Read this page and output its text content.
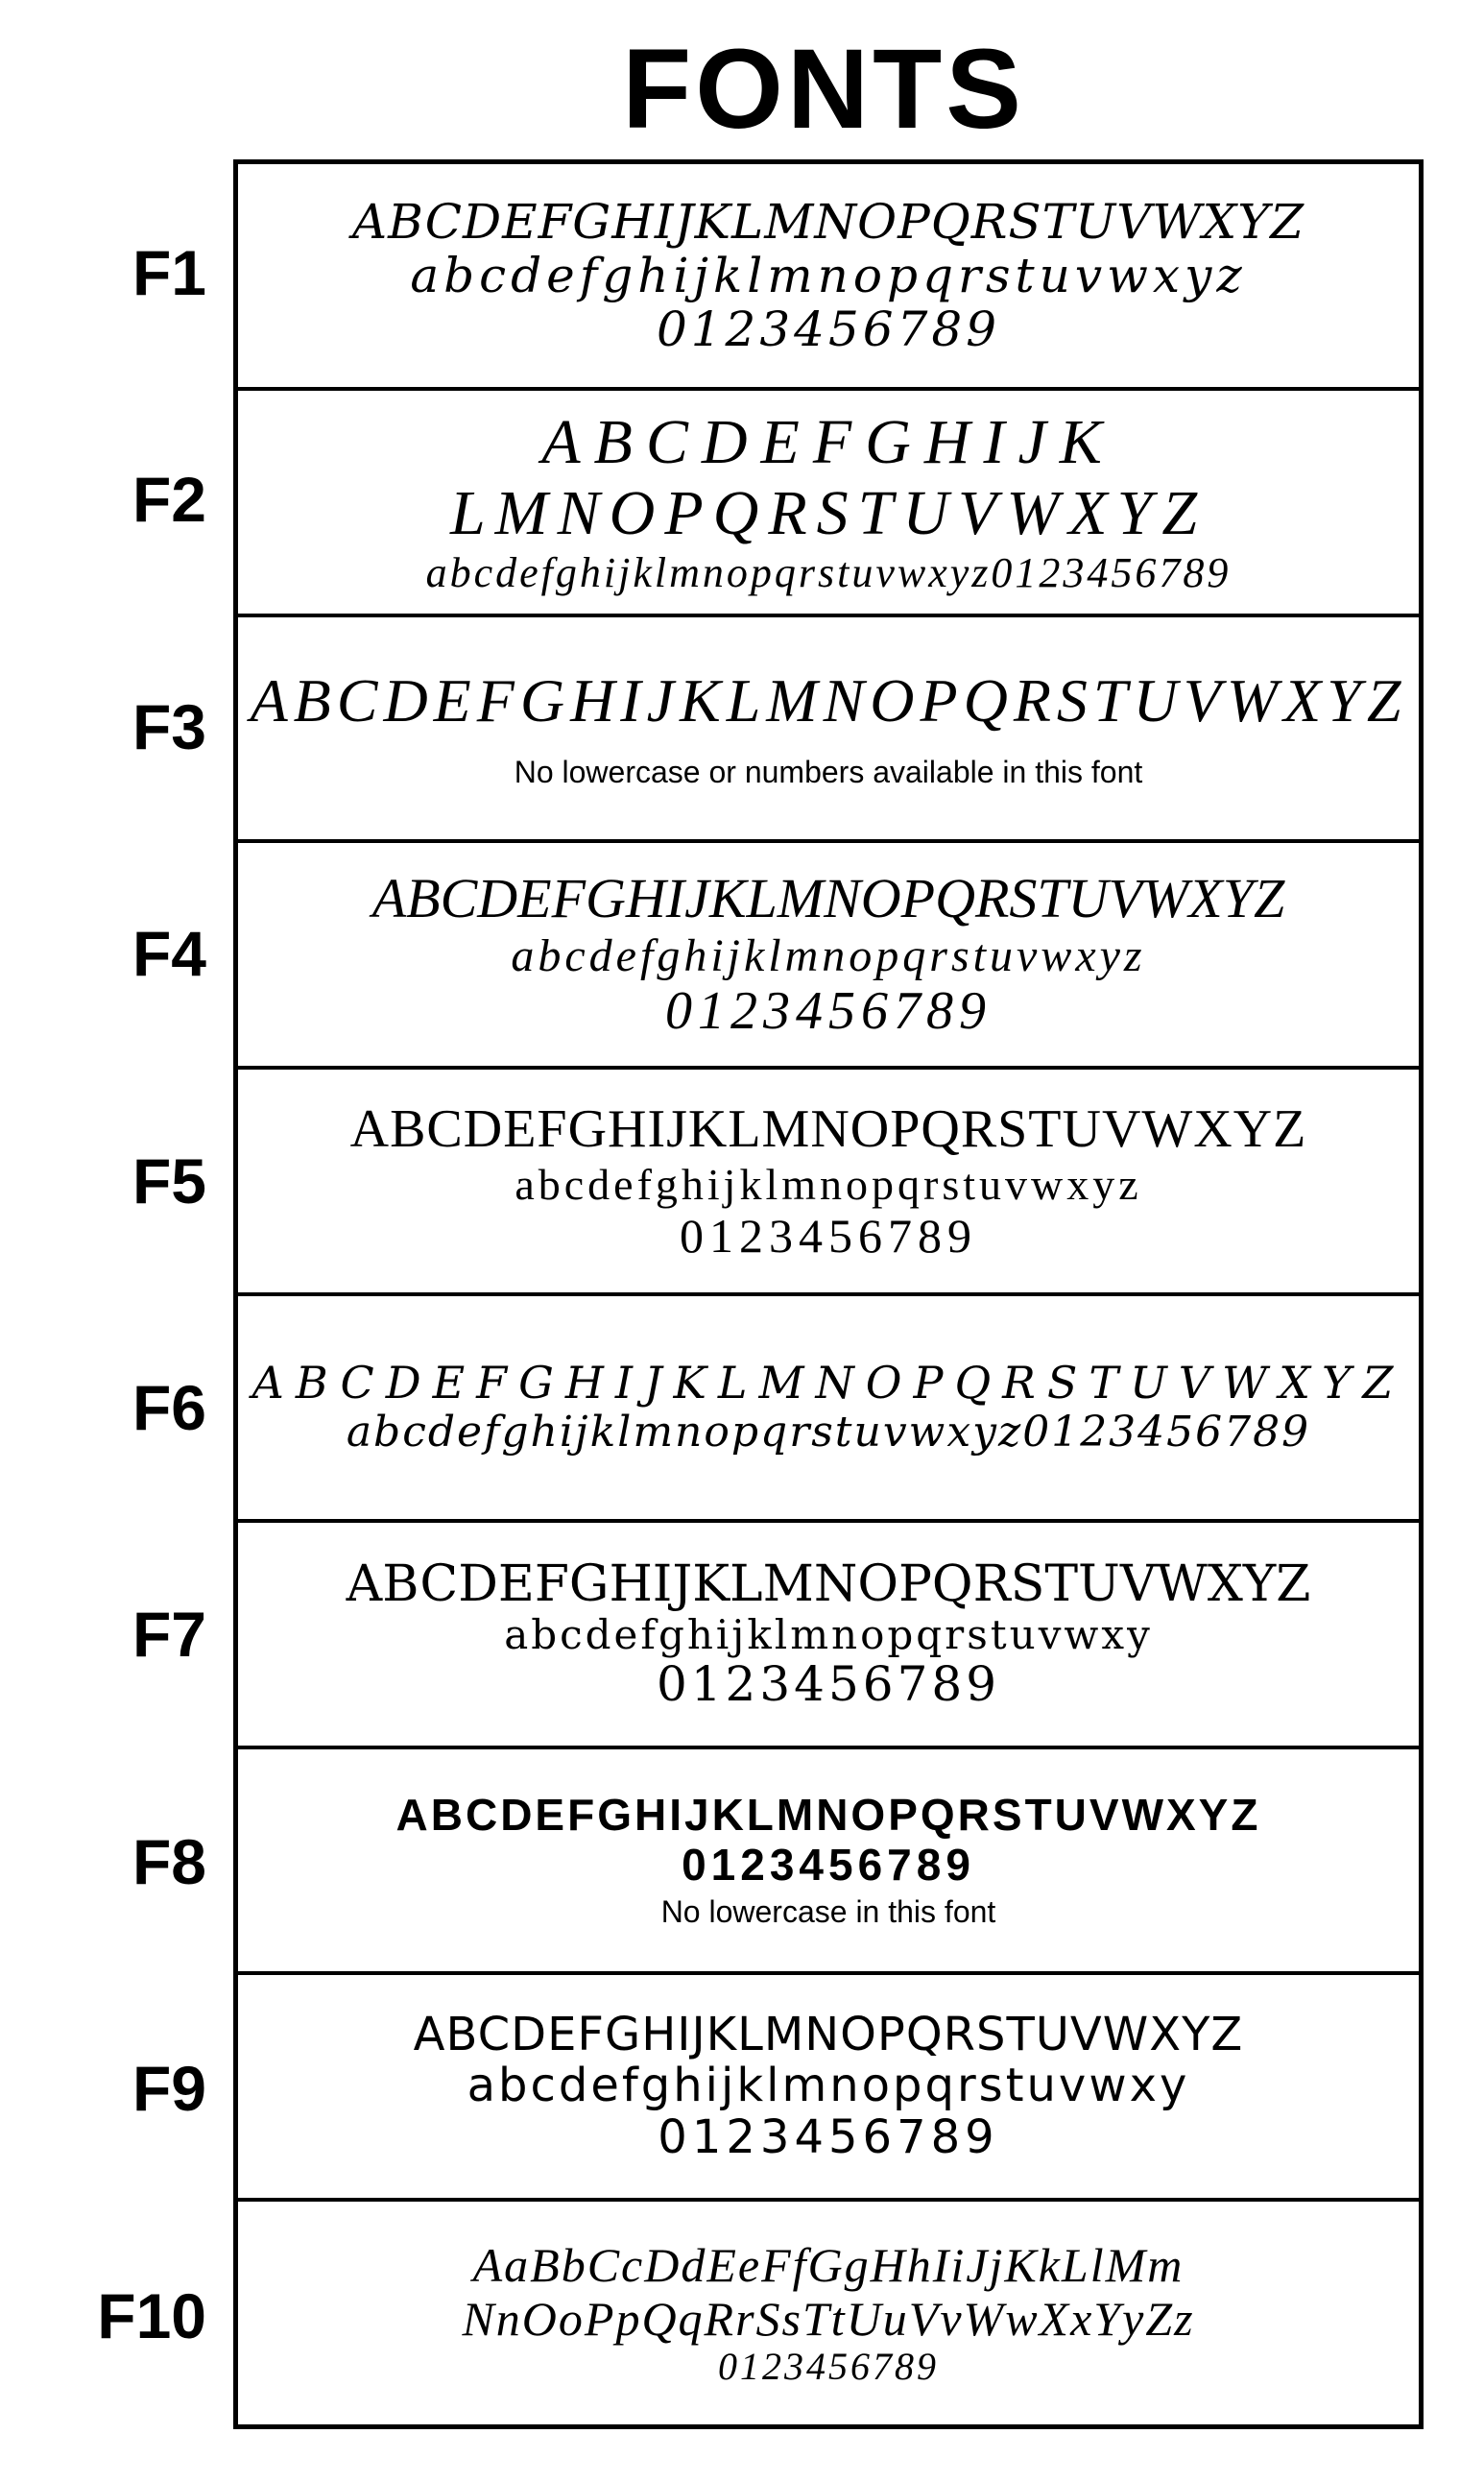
FONTS
ABCDEFGHIJKLMNOPQRSTUVWXYZ
abcdefghijklmnopqrstuvwxyz
0123456789
ABCDEFGHIJK
LMNOPQRSTUVWXYZ
abcdefghijklmnopqrstuvwxyz0123456789
ABCDEFGHIJKLMNOPQRSTUVWXYZ
No lowercase or numbers available in this font
ABCDEFGHIJKLMNOPQRSTUVWXYZ
abcdefghijklmnopqrstuvwxyz
0123456789
ABCDEFGHIJKLMNOPQRSTUVWXYZ
abcdefghijklmnopqrstuvwxyz
0123456789
ABCDEFGHIJKLMNOPQRSTUVWXYZ
abcdefghijklmnopqrstuvwxyz0123456789
ABCDEFGHIJKLMNOPQRSTUVWXYZ
abcdefghijklmnopqrstuvwxy
0123456789
ABCDEFGHIJKLMNOPQRSTUVWXYZ
0123456789
No lowercase in this font
ABCDEFGHIJKLMNOPQRSTUVWXYZ
abcdefghijklmnopqrstuvwxy
0123456789
AaBbCcDdEeFfGgHhIiJjKkLlMm
NnOoPpQqRrSsTtUuVvWwXxYyZz
0123456789
F1
F2
F3
F4
F5
F6
F7
F8
F9
F10
